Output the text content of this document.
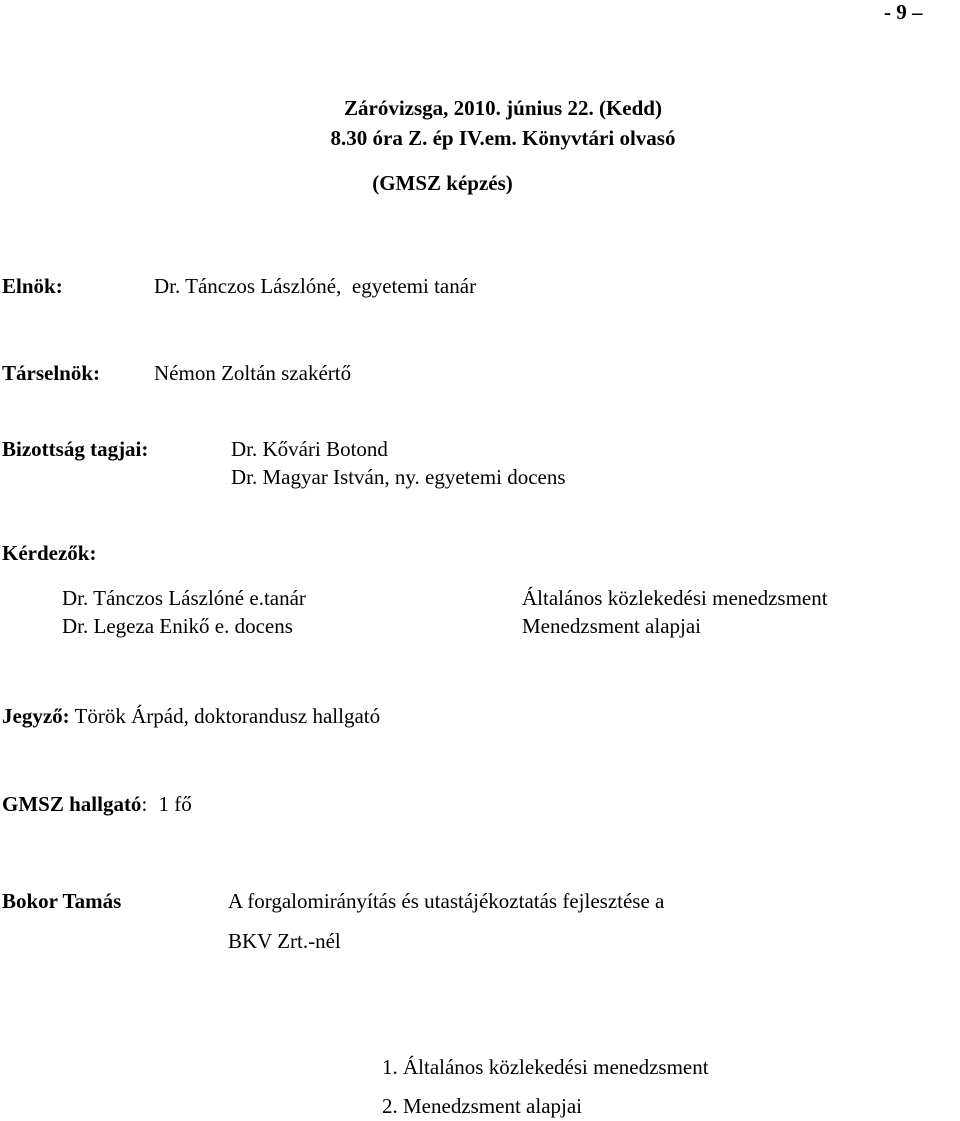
- 9 –
Záróvizsga, 2010. június 22. (Kedd)
8.30 óra Z. ép IV.em. Könyvtári olvasó
(GMSZ képzés)
Elnök:	Dr. Tánczos Lászlóné,  egyetemi tanár
Társelnök:	Némon Zoltán szakértő
Bizottság tagjai:	Dr. Kővári Botond
Dr. Magyar István, ny. egyetemi docens
Kérdezők:
Dr. Tánczos Lászlóné e.tanár	Általános közlekedési menedzsment
Dr. Legeza Enikő e. docens	Menedzsment alapjai
Jegyző: Török Árpád, doktorandusz hallgató
GMSZ hallgató: 1 fő
Bokor Tamás	A forgalomirányítás és utastájékoztatás fejlesztése a
BKV Zrt.-nél
1. Általános közlekedési menedzsment
2. Menedzsment alapjai
